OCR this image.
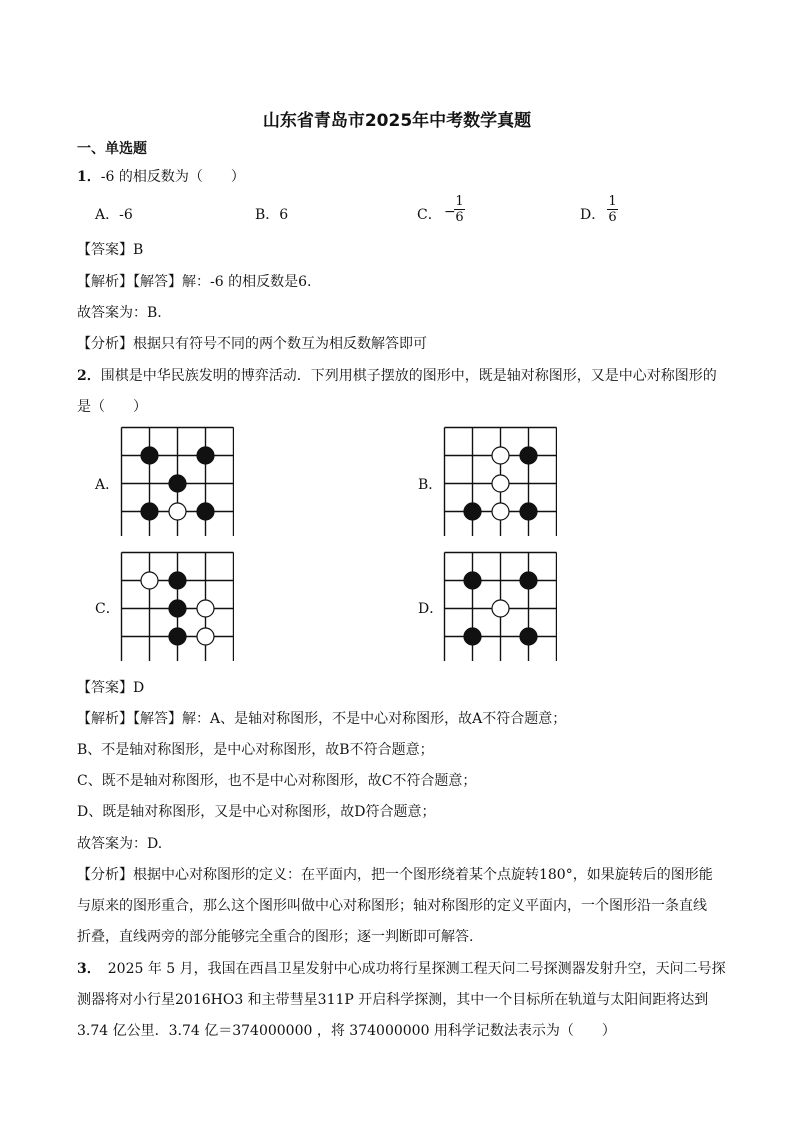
山东省青岛市2025年中考数学真题
一、单选题
1．-6 的相反数为（　　）
A．-6	B．6	C． −
1
6	D．
1
6
【答案】B
【解析】【解答】解：-6 的相反数是6.
故答案为：B.
【分析】根据只有符号不同的两个数互为相反数解答即可
2．围棋是中华民族发明的博弈活动．下列用棋子摆放的图形中，既是轴对称图形，又是中心对称图形的
是（　　）
A．	B．
C．	D．
【答案】D
【解析】【解答】解：A、是轴对称图形，不是中心对称图形，故A不符合题意；
B、不是轴对称图形，是中心对称图形，故B不符合题意；
C、既不是轴对称图形，也不是中心对称图形，故C不符合题意；
D、既是轴对称图形，又是中心对称图形，故D符合题意；
故答案为：D.
【分析】根据中心对称图形的定义：在平面内，把一个图形绕着某个点旋转180°，如果旋转后的图形能
与原来的图形重合，那么这个图形叫做中心对称图形；轴对称图形的定义平面内，一个图形沿一条直线
折叠，直线两旁的部分能够完全重合的图形；逐一判断即可解答.
3．　2025 年 5 月，我国在西昌卫星发射中心成功将行星探测工程天问二号探测器发射升空，天问二号探
测器将对小行星2016HO3 和主带彗星311P 开启科学探测，其中一个目标所在轨道与太阳间距将达到
3.74 亿公里．3.74 亿＝374000000 ，将 374000000 用科学记数法表示为（　　）
